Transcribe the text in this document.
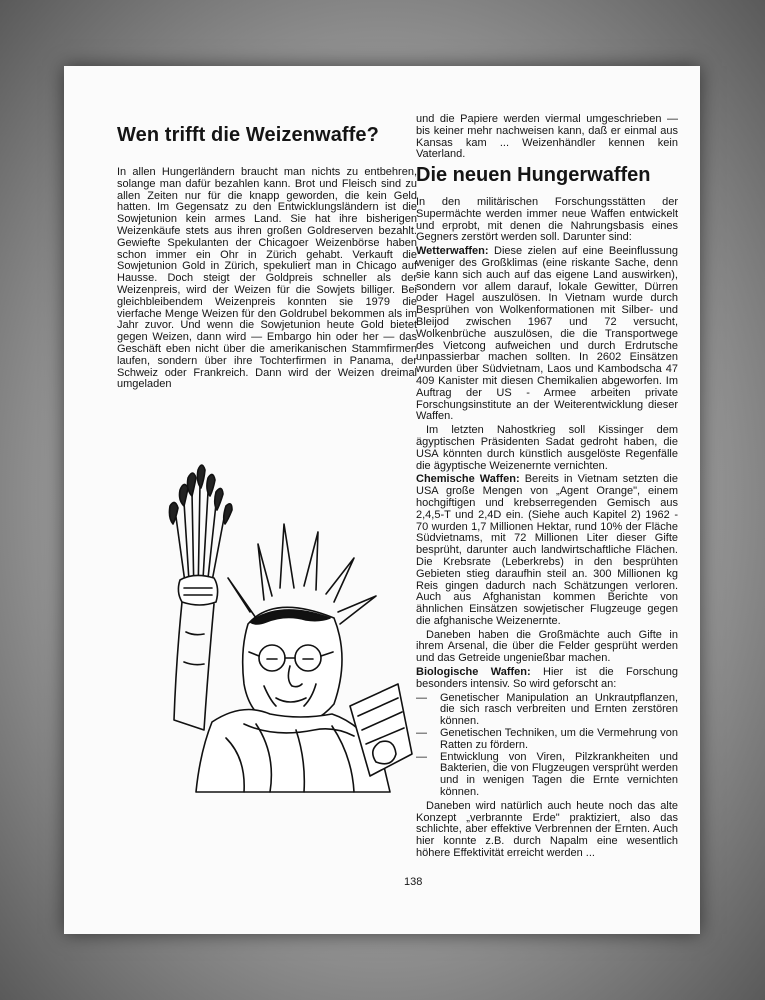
Wen trifft die Weizenwaffe?

In allen Hungerländern braucht man nichts zu entbehren, solange man dafür bezahlen kann. Brot und Fleisch sind zu allen Zeiten nur für die knapp geworden, die kein Geld hatten. Im Gegensatz zu den Entwicklungsländern ist die Sowjetunion kein armes Land. Sie hat ihre bisherigen Weizenkäufe stets aus ihren großen Goldreserven bezahlt. Gewiefte Spekulanten der Chicagoer Weizenbörse haben schon immer ein Ohr in Zürich gehabt. Verkauft die Sowjetunion Gold in Zürich, spekuliert man in Chicago auf Hausse. Doch steigt der Goldpreis schneller als der Weizenpreis, wird der Weizen für die Sowjets billiger. Bei gleichbleibendem Weizenpreis konnten sie 1979 die vierfache Menge Weizen für den Goldrubel bekommen als im Jahr zuvor. Und wenn die Sowjetunion heute Gold bietet gegen Weizen, dann wird — Embargo hin oder her — das Geschäft eben nicht über die amerikanischen Stammfirmen laufen, sondern über ihre Tochterfirmen in Panama, der Schweiz oder Frankreich. Dann wird der Weizen dreimal umgeladen

und die Papiere werden viermal umgeschrieben — bis keiner mehr nachweisen kann, daß er einmal aus Kansas kam ... Weizenhändler kennen kein Vaterland.

Die neuen Hungerwaffen

In den militärischen Forschungsstätten der Supermächte werden immer neue Waffen entwickelt und erprobt, mit denen die Nahrungsbasis eines Gegners zerstört werden soll. Darunter sind:

Wetterwaffen: Diese zielen auf eine Beeinflussung weniger des Großklimas (eine riskante Sache, denn sie kann sich auch auf das eigene Land auswirken), sondern vor allem darauf, lokale Gewitter, Dürren oder Hagel auszulösen. In Vietnam wurde durch Besprühen von Wolkenformationen mit Silber- und Bleijod zwischen 1967 und 72 versucht, Wolkenbrüche auszulösen, die die Transportwege des Vietcong aufweichen und durch Erdrutsche unpassierbar machen sollten. In 2602 Einsätzen wurden über Südvietnam, Laos und Kambodscha 47 409 Kanister mit diesen Chemikalien abgeworfen. Im Auftrag der US - Armee arbeiten private Forschungsinstitute an der Weiterentwicklung dieser Waffen.

Im letzten Nahostkrieg soll Kissinger dem ägyptischen Präsidenten Sadat gedroht haben, die USA könnten durch künstlich ausgelöste Regenfälle die ägyptische Weizenernte vernichten.

Chemische Waffen: Bereits in Vietnam setzten die USA große Mengen von „Agent Orange", einem hochgiftigen und krebserregenden Gemisch aus 2,4,5-T und 2,4D ein. (Siehe auch Kapitel 2) 1962 - 70 wurden 1,7 Millionen Hektar, rund 10% der Fläche Südvietnams, mit 72 Millionen Liter dieser Gifte besprüht, darunter auch landwirtschaftliche Flächen. Die Krebsrate (Leberkrebs) in den besprühten Gebieten stieg daraufhin steil an. 300 Millionen kg Reis gingen dadurch nach Schätzungen verloren. Auch aus Afghanistan kommen Berichte von ähnlichen Einsätzen sowjetischer Flugzeuge gegen die afghanische Weizenernte.

Daneben haben die Großmächte auch Gifte in ihrem Arsenal, die über die Felder gesprüht werden und das Getreide ungenießbar machen.

Biologische Waffen: Hier ist die Forschung besonders intensiv. So wird geforscht an:

— Genetischer Manipulation an Unkrautpflanzen, die sich rasch verbreiten und Ernten zerstören können.
— Genetischen Techniken, um die Vermehrung von Ratten zu fördern.
— Entwicklung von Viren, Pilzkrankheiten und Bakterien, die von Flugzeugen versprüht werden und in wenigen Tagen die Ernte vernichten können.

Daneben wird natürlich auch heute noch das alte Konzept „verbrannte Erde" praktiziert, also das schlichte, aber effektive Verbrennen der Ernten. Auch hier konnte z.B. durch Napalm eine wesentlich höhere Effektivität erreicht werden ...

138
